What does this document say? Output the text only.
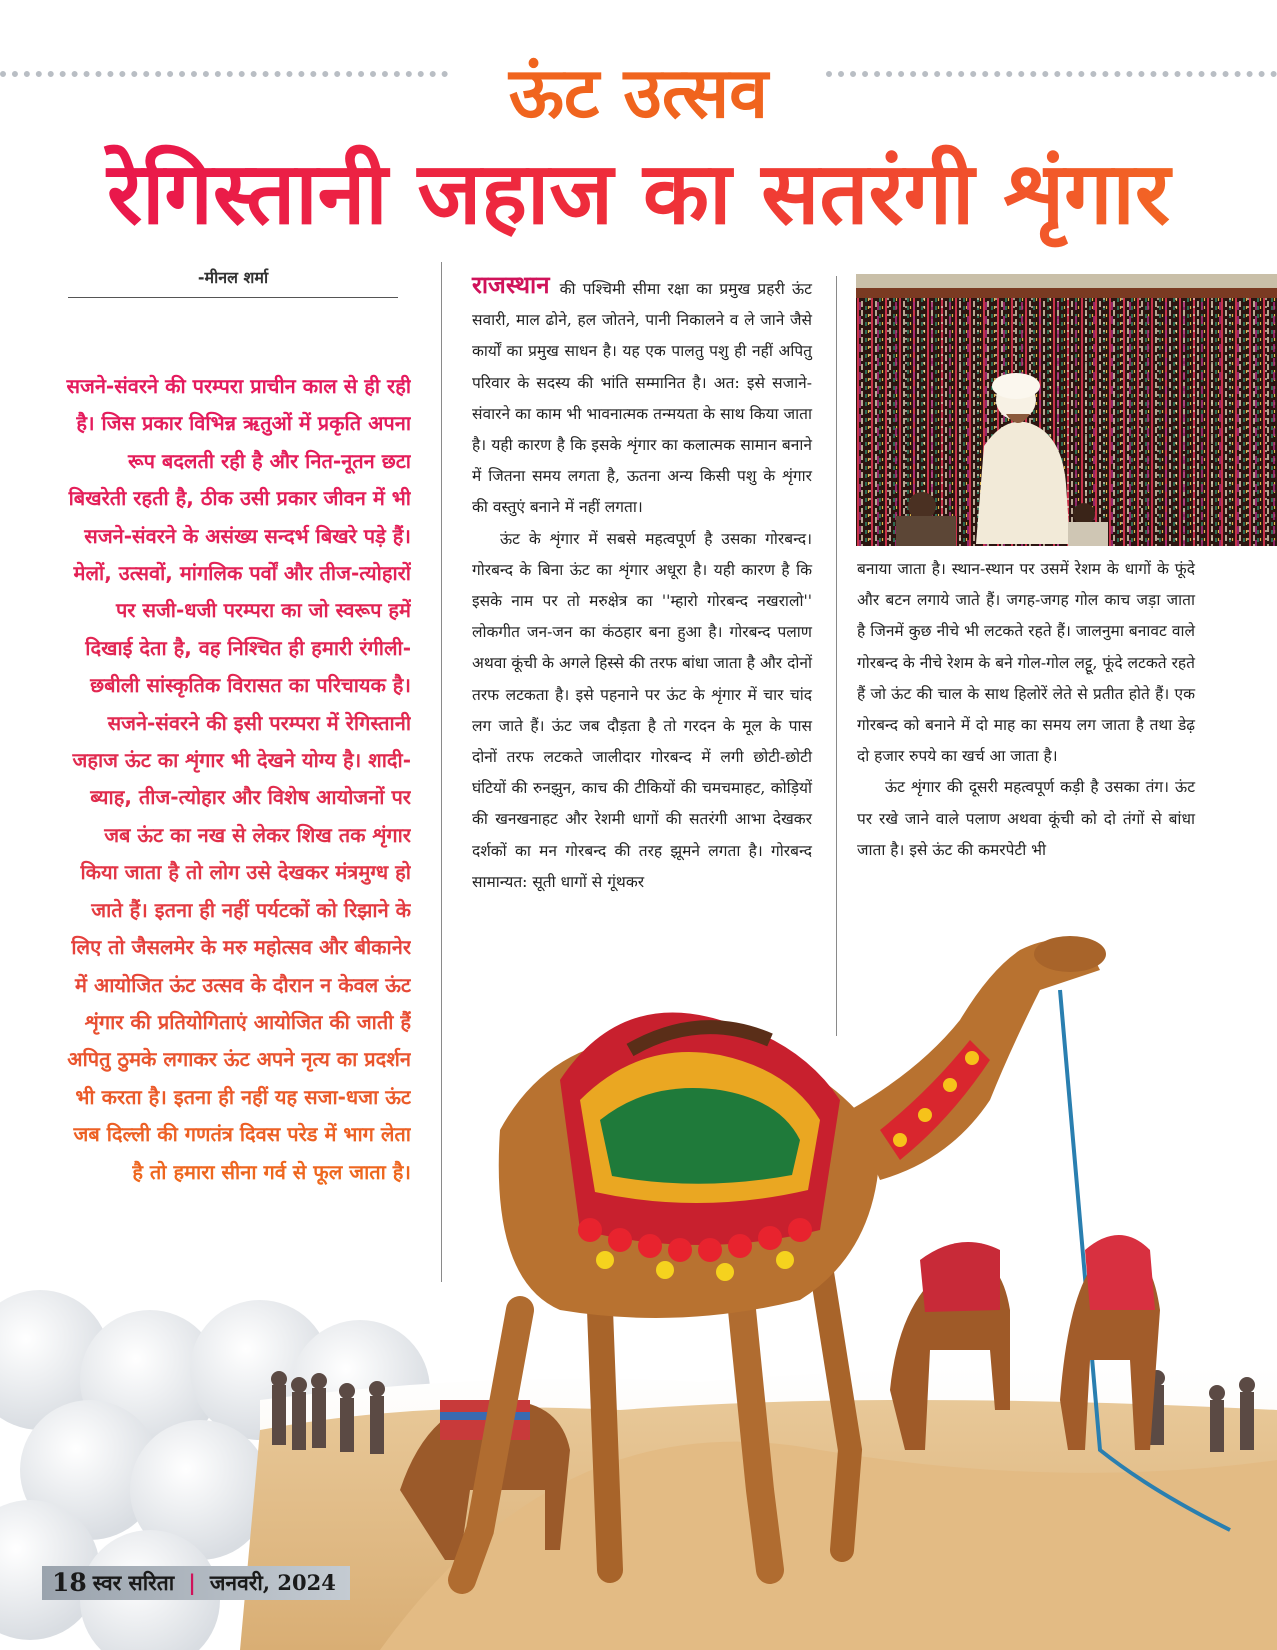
ऊंट उत्सव
रेगिस्तानी जहाज का सतरंगी शृंगार
-मीनल शर्मा
सजने-संवरने की परम्परा प्राचीन काल से ही रही है। जिस प्रकार विभिन्न ऋतुओं में प्रकृति अपना रूप बदलती रही है और नित-नूतन छटा बिखरेती रहती है, ठीक उसी प्रकार जीवन में भी सजने-संवरने के असंख्य सन्दर्भ बिखरे पड़े हैं। मेलों, उत्सवों, मांगलिक पर्वों और तीज-त्योहारों पर सजी-धजी परम्परा का जो स्वरूप हमें दिखाई देता है, वह निश्चित ही हमारी रंगीली-छबीली सांस्कृतिक विरासत का परिचायक है। सजने-संवरने की इसी परम्परा में रेगिस्तानी जहाज ऊंट का शृंगार भी देखने योग्य है। शादी-ब्याह, तीज-त्योहार और विशेष आयोजनों पर जब ऊंट का नख से लेकर शिख तक शृंगार किया जाता है तो लोग उसे देखकर मंत्रमुग्ध हो जाते हैं। इतना ही नहीं पर्यटकों को रिझाने के लिए तो जैसलमेर के मरु महोत्सव और बीकानेर में आयोजित ऊंट उत्सव के दौरान न केवल ऊंट शृंगार की प्रतियोगिताएं आयोजित की जाती हैं अपितु ठुमके लगाकर ऊंट अपने नृत्य का प्रदर्शन भी करता है। इतना ही नहीं यह सजा-धजा ऊंट जब दिल्ली की गणतंत्र दिवस परेड में भाग लेता है तो हमारा सीना गर्व से फूल जाता है।

राजस्थान की पश्चिमी सीमा रक्षा का प्रमुख प्रहरी ऊंट सवारी, माल ढोने, हल जोतने, पानी निकालने व ले जाने जैसे कार्यों का प्रमुख साधन है। यह एक पालतु पशु ही नहीं अपितु परिवार के सदस्य की भांति सम्मानित है। अत: इसे सजाने-संवारने का काम भी भावनात्मक तन्मयता के साथ किया जाता है। यही कारण है कि इसके शृंगार का कलात्मक सामान बनाने में जितना समय लगता है, ऊतना अन्य किसी पशु के शृंगार की वस्तुएं बनाने में नहीं लगता।

ऊंट के शृंगार में सबसे महत्वपूर्ण है उसका गोरबन्द। गोरबन्द के बिना ऊंट का शृंगार अधूरा है। यही कारण है कि इसके नाम पर तो मरुक्षेत्र का ''म्हारो गोरबन्द नखरालो'' लोकगीत जन-जन का कंठहार बना हुआ है। गोरबन्द पलाण अथवा कूंची के अगले हिस्से की तरफ बांधा जाता है और दोनों तरफ लटकता है। इसे पहनाने पर ऊंट के शृंगार में चार चांद लग जाते हैं। ऊंट जब दौड़ता है तो गरदन के मूल के पास दोनों तरफ लटकते जालीदार गोरबन्द में लगी छोटी-छोटी घंटियों की रुनझुन, काच की टीकियों की चमचमाहट, कोड़ियों की खनखनाहट और रेशमी धागों की सतरंगी आभा देखकर दर्शकों का मन गोरबन्द की तरह झूमने लगता है। गोरबन्द सामान्यत: सूती धागों से गूंथकर

बनाया जाता है। स्थान-स्थान पर उसमें रेशम के धागों के फूंदे और बटन लगाये जाते हैं। जगह-जगह गोल काच जड़ा जाता है जिनमें कुछ नीचे भी लटकते रहते हैं। जालनुमा बनावट वाले गोरबन्द के नीचे रेशम के बने गोल-गोल लट्टू, फूंदे लटकते रहते हैं जो ऊंट की चाल के साथ हिलोरें लेते से प्रतीत होते हैं। एक गोरबन्द को बनाने में दो माह का समय लग जाता है तथा डेढ़ दो हजार रुपये का खर्च आ जाता है।

ऊंट शृंगार की दूसरी महत्वपूर्ण कड़ी है उसका तंग। ऊंट पर रखे जाने वाले पलाण अथवा कूंची को दो तंगों से बांधा जाता है। इसे ऊंट की कमरपेटी भी

18 स्वर सरिता | जनवरी, 2024
